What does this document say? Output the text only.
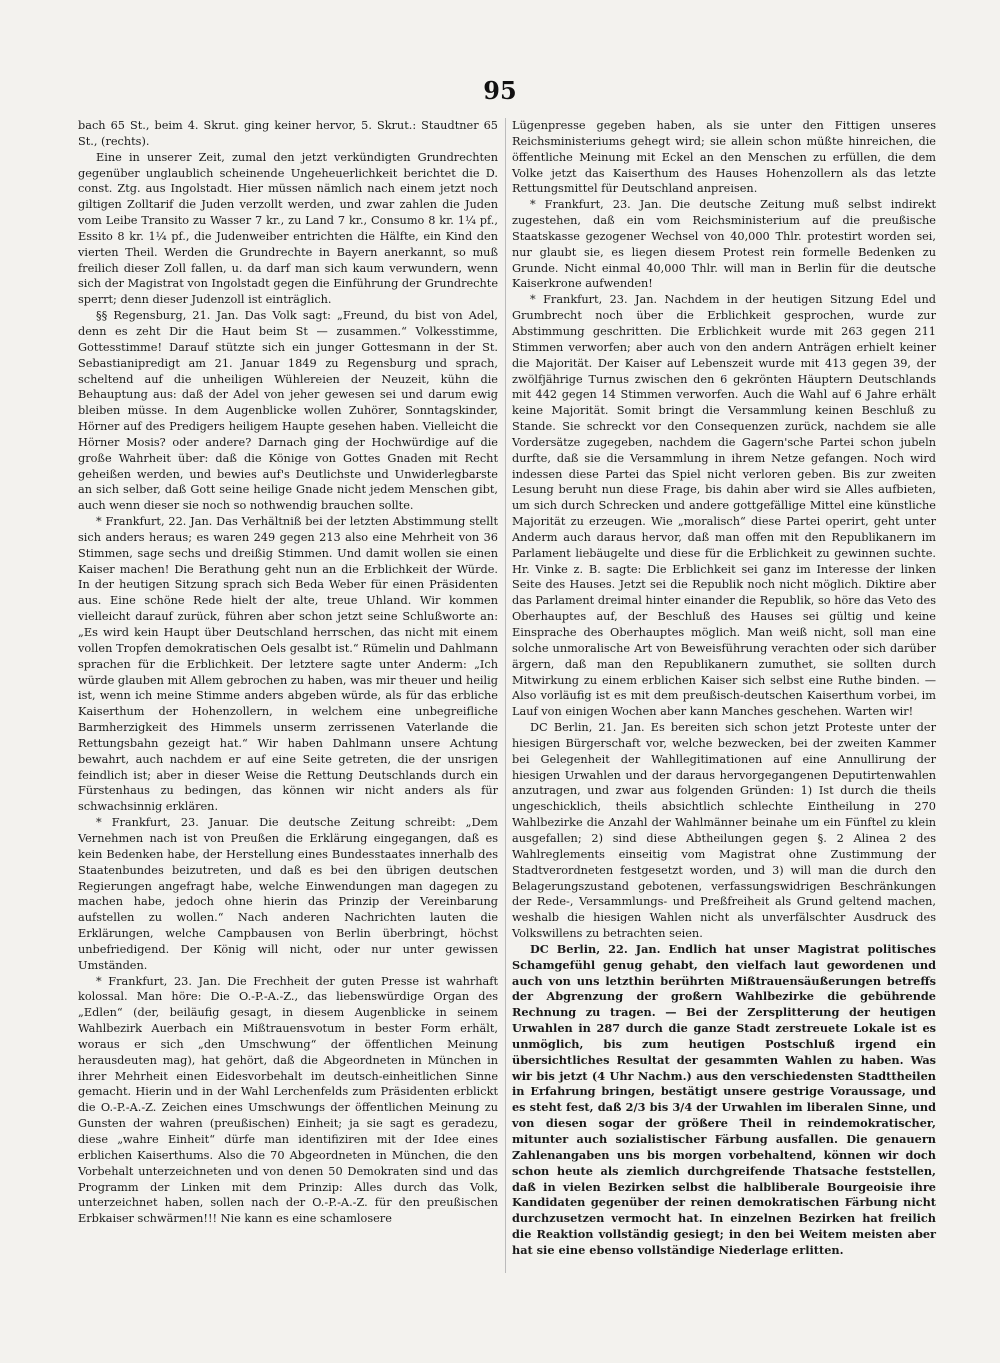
95

bach 65 St., beim 4. Skrut. ging keiner hervor, 5. Skrut.: Staudtner 65 St., (rechts).

Eine in unserer Zeit, zumal den jetzt verkündigten Grundrechten gegenüber unglaublich scheinende Ungeheuerlichkeit berichtet die D. const. Ztg. aus Ingolstadt. Hier müssen nämlich nach einem jetzt noch giltigen Zolltarif die Juden verzollt werden, und zwar zahlen die Juden vom Leibe Transito zu Wasser 7 kr., zu Land 7 kr., Consumo 8 kr. 1¼ pf., Essito 8 kr. 1¼ pf., die Judenweiber entrichten die Hälfte, ein Kind den vierten Theil. Werden die Grundrechte in Bayern anerkannt, so muß freilich dieser Zoll fallen, u. da darf man sich kaum verwundern, wenn sich der Magistrat von Ingolstadt gegen die Einführung der Grundrechte sperrt; denn dieser Judenzoll ist einträglich.

§§ Regensburg, 21. Jan. Das Volk sagt: „Freund, du bist von Adel, denn es zeht Dir die Haut beim St — zusammen.“ Volkesstimme, Gottesstimme! Darauf stützte sich ein junger Gottesmann in der St. Sebastianipredigt am 21. Januar 1849 zu Regensburg und sprach, scheltend auf die unheiligen Wühlereien der Neuzeit, kühn die Behauptung aus: daß der Adel von jeher gewesen sei und darum ewig bleiben müsse. In dem Augenblicke wollen Zuhörer, Sonntagskinder, Hörner auf des Predigers heiligem Haupte gesehen haben. Vielleicht die Hörner Mosis? oder andere? Darnach ging der Hochwürdige auf die große Wahrheit über: daß die Könige von Gottes Gnaden mit Recht geheißen werden, und bewies auf's Deutlichste und Unwiderlegbarste an sich selber, daß Gott seine heilige Gnade nicht jedem Menschen gibt, auch wenn dieser sie noch so nothwendig brauchen sollte.

* Frankfurt, 22. Jan. Das Verhältniß bei der letzten Abstimmung stellt sich anders heraus; es waren 249 gegen 213 also eine Mehrheit von 36 Stimmen, sage sechs und dreißig Stimmen. Und damit wollen sie einen Kaiser machen! Die Berathung geht nun an die Erblichkeit der Würde. In der heutigen Sitzung sprach sich Beda Weber für einen Präsidenten aus. Eine schöne Rede hielt der alte, treue Uhland. Wir kommen vielleicht darauf zurück, führen aber schon jetzt seine Schlußworte an: „Es wird kein Haupt über Deutschland herrschen, das nicht mit einem vollen Tropfen demokratischen Oels gesalbt ist.“ Rümelin und Dahlmann sprachen für die Erblichkeit. Der letztere sagte unter Anderm: „Ich würde glauben mit Allem gebrochen zu haben, was mir theuer und heilig ist, wenn ich meine Stimme anders abgeben würde, als für das erbliche Kaiserthum der Hohenzollern, in welchem eine unbegreifliche Barmherzigkeit des Himmels unserm zerrissenen Vaterlande die Rettungsbahn gezeigt hat.“ Wir haben Dahlmann unsere Achtung bewahrt, auch nachdem er auf eine Seite getreten, die der unsrigen feindlich ist; aber in dieser Weise die Rettung Deutschlands durch ein Fürstenhaus zu bedingen, das können wir nicht anders als für schwachsinnig erklären.

* Frankfurt, 23. Januar. Die deutsche Zeitung schreibt: „Dem Vernehmen nach ist von Preußen die Erklärung eingegangen, daß es kein Bedenken habe, der Herstellung eines Bundesstaates innerhalb des Staatenbundes beizutreten, und daß es bei den übrigen deutschen Regierungen angefragt habe, welche Einwendungen man dagegen zu machen habe, jedoch ohne hierin das Prinzip der Vereinbarung aufstellen zu wollen.“ Nach anderen Nachrichten lauten die Erklärungen, welche Campbausen von Berlin überbringt, höchst unbefriedigend. Der König will nicht, oder nur unter gewissen Umständen.

* Frankfurt, 23. Jan. Die Frechheit der guten Presse ist wahrhaft kolossal. Man höre: Die O.-P.-A.-Z., das liebenswürdige Organ des „Edlen“ (der, beiläufig gesagt, in diesem Augenblicke in seinem Wahlbezirk Auerbach ein Mißtrauensvotum in bester Form erhält, woraus er sich „den Umschwung“ der öffentlichen Meinung herausdeuten mag), hat gehört, daß die Abgeordneten in München in ihrer Mehrheit einen Eidesvorbehalt im deutsch-einheitlichen Sinne gemacht. Hierin und in der Wahl Lerchenfelds zum Präsidenten erblickt die O.-P.-A.-Z. Zeichen eines Umschwungs der öffentlichen Meinung zu Gunsten der wahren (preußischen) Einheit; ja sie sagt es geradezu, diese „wahre Einheit“ dürfe man identifiziren mit der Idee eines erblichen Kaiserthums. Also die 70 Abgeordneten in München, die den Vorbehalt unterzeichneten und von denen 50 Demokraten sind und das Programm der Linken mit dem Prinzip: Alles durch das Volk, unterzeichnet haben, sollen nach der O.-P.-A.-Z. für den preußischen Erbkaiser schwärmen!!! Nie kann es eine schamlosere

Lügenpresse gegeben haben, als sie unter den Fittigen unseres Reichsministeriums gehegt wird; sie allein schon müßte hinreichen, die öffentliche Meinung mit Eckel an den Menschen zu erfüllen, die dem Volke jetzt das Kaiserthum des Hauses Hohenzollern als das letzte Rettungsmittel für Deutschland anpreisen.

* Frankfurt, 23. Jan. Die deutsche Zeitung muß selbst indirekt zugestehen, daß ein vom Reichsministerium auf die preußische Staatskasse gezogener Wechsel von 40,000 Thlr. protestirt worden sei, nur glaubt sie, es liegen diesem Protest rein formelle Bedenken zu Grunde. Nicht einmal 40,000 Thlr. will man in Berlin für die deutsche Kaiserkrone aufwenden!

* Frankfurt, 23. Jan. Nachdem in der heutigen Sitzung Edel und Grumbrecht noch über die Erblichkeit gesprochen, wurde zur Abstimmung geschritten. Die Erblichkeit wurde mit 263 gegen 211 Stimmen verworfen; aber auch von den andern Anträgen erhielt keiner die Majorität. Der Kaiser auf Lebenszeit wurde mit 413 gegen 39, der zwölfjährige Turnus zwischen den 6 gekrönten Häuptern Deutschlands mit 442 gegen 14 Stimmen verworfen. Auch die Wahl auf 6 Jahre erhält keine Majorität. Somit bringt die Versammlung keinen Beschluß zu Stande. Sie schreckt vor den Consequenzen zurück, nachdem sie alle Vordersätze zugegeben, nachdem die Gagern'sche Partei schon jubeln durfte, daß sie die Versammlung in ihrem Netze gefangen. Noch wird indessen diese Partei das Spiel nicht verloren geben. Bis zur zweiten Lesung beruht nun diese Frage, bis dahin aber wird sie Alles aufbieten, um sich durch Schrecken und andere gottgefällige Mittel eine künstliche Majorität zu erzeugen. Wie „moralisch“ diese Partei operirt, geht unter Anderm auch daraus hervor, daß man offen mit den Republikanern im Parlament liebäugelte und diese für die Erblichkeit zu gewinnen suchte. Hr. Vinke z. B. sagte: Die Erblichkeit sei ganz im Interesse der linken Seite des Hauses. Jetzt sei die Republik noch nicht möglich. Diktire aber das Parlament dreimal hinter einander die Republik, so höre das Veto des Oberhauptes auf, der Beschluß des Hauses sei gültig und keine Einsprache des Oberhauptes möglich. Man weiß nicht, soll man eine solche unmoralische Art von Beweisführung verachten oder sich darüber ärgern, daß man den Republikanern zumuthet, sie sollten durch Mitwirkung zu einem erblichen Kaiser sich selbst eine Ruthe binden. — Also vorläufig ist es mit dem preußisch-deutschen Kaiserthum vorbei, im Lauf von einigen Wochen aber kann Manches geschehen. Warten wir!

DC Berlin, 21. Jan. Es bereiten sich schon jetzt Proteste unter der hiesigen Bürgerschaft vor, welche bezwecken, bei der zweiten Kammer bei Gelegenheit der Wahllegitimationen auf eine Annullirung der hiesigen Urwahlen und der daraus hervorgegangenen Deputirtenwahlen anzutragen, und zwar aus folgenden Gründen: 1) Ist durch die theils ungeschicklich, theils absichtlich schlechte Eintheilung in 270 Wahlbezirke die Anzahl der Wahlmänner beinahe um ein Fünftel zu klein ausgefallen; 2) sind diese Abtheilungen gegen §. 2 Alinea 2 des Wahlreglements einseitig vom Magistrat ohne Zustimmung der Stadtverordneten festgesetzt worden, und 3) will man die durch den Belagerungszustand gebotenen, verfassungswidrigen Beschränkungen der Rede-, Versammlungs- und Preßfreiheit als Grund geltend machen, weshalb die hiesigen Wahlen nicht als unverfälschter Ausdruck des Volkswillens zu betrachten seien.

DC Berlin, 22. Jan. Endlich hat unser Magistrat politisches Schamgefühl genug gehabt, den vielfach laut gewordenen und auch von uns letzthin berührten Mißtrauensäußerungen betreffs der Abgrenzung der großern Wahlbezirke die gebührende Rechnung zu tragen. — Bei der Zersplitterung der heutigen Urwahlen in 287 durch die ganze Stadt zerstreuete Lokale ist es unmöglich, bis zum heutigen Postschluß irgend ein übersichtliches Resultat der gesammten Wahlen zu haben. Was wir bis jetzt (4 Uhr Nachm.) aus den verschiedensten Stadttheilen in Erfahrung bringen, bestätigt unsere gestrige Voraussage, und es steht fest, daß 2/3 bis 3/4 der Urwahlen im liberalen Sinne, und von diesen sogar der größere Theil in reindemokratischer, mitunter auch sozialistischer Färbung ausfallen. Die genauern Zahlenangaben uns bis morgen vorbehaltend, können wir doch schon heute als ziemlich durchgreifende Thatsache feststellen, daß in vielen Bezirken selbst die halbliberale Bourgeoisie ihre Kandidaten gegenüber der reinen demokratischen Färbung nicht durchzusetzen vermocht hat. In einzelnen Bezirken hat freilich die Reaktion vollständig gesiegt; in den bei Weitem meisten aber hat sie eine ebenso vollständige Niederlage erlitten.
